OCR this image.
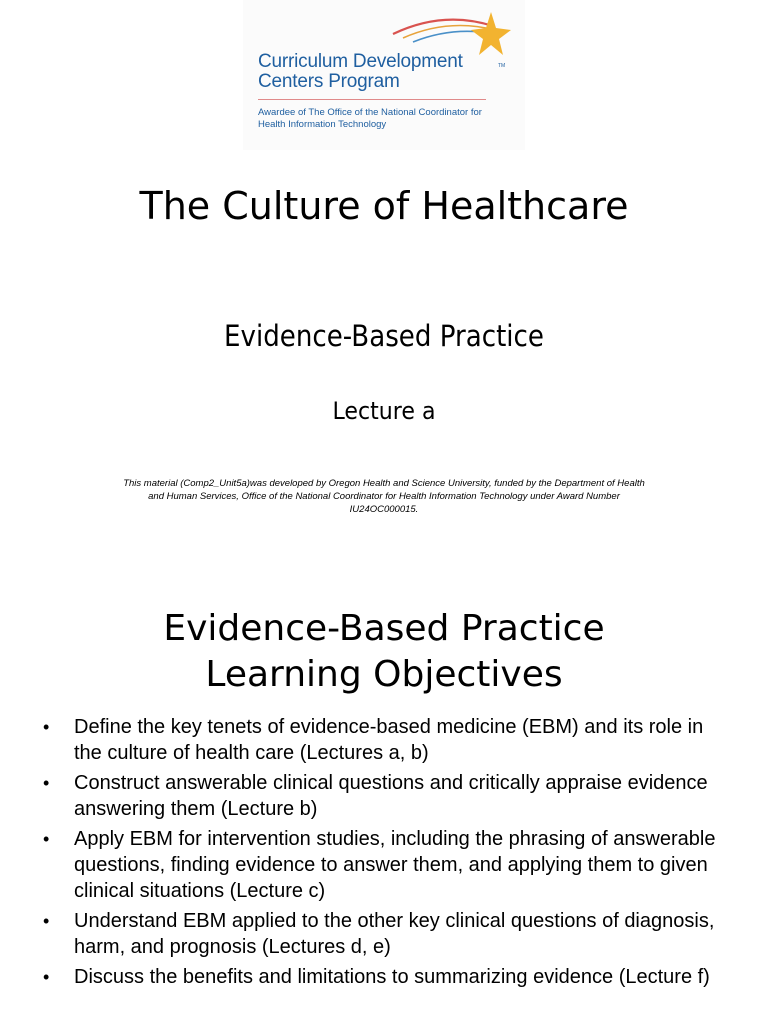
Curriculum Development
Centers Program
TM
Awardee of The Office of the National Coordinator for
Health Information Technology
The Culture of Healthcare
Evidence-Based Practice
Lecture a
This material (Comp2_Unit5a)was developed by Oregon Health and Science University, funded by the Department of Health
and Human Services, Office of the National Coordinator for Health Information Technology under Award Number
IU24OC000015.
Evidence-Based Practice
Learning Objectives
• Define the key tenets of evidence-based medicine (EBM) and its role in the culture of health care (Lectures a, b)
• Construct answerable clinical questions and critically appraise evidence answering them (Lecture b)
• Apply EBM for intervention studies, including the phrasing of answerable questions, finding evidence to answer them, and applying them to given clinical situations (Lecture c)
• Understand EBM applied to the other key clinical questions of diagnosis, harm, and prognosis (Lectures d, e)
• Discuss the benefits and limitations to summarizing evidence (Lecture f)
